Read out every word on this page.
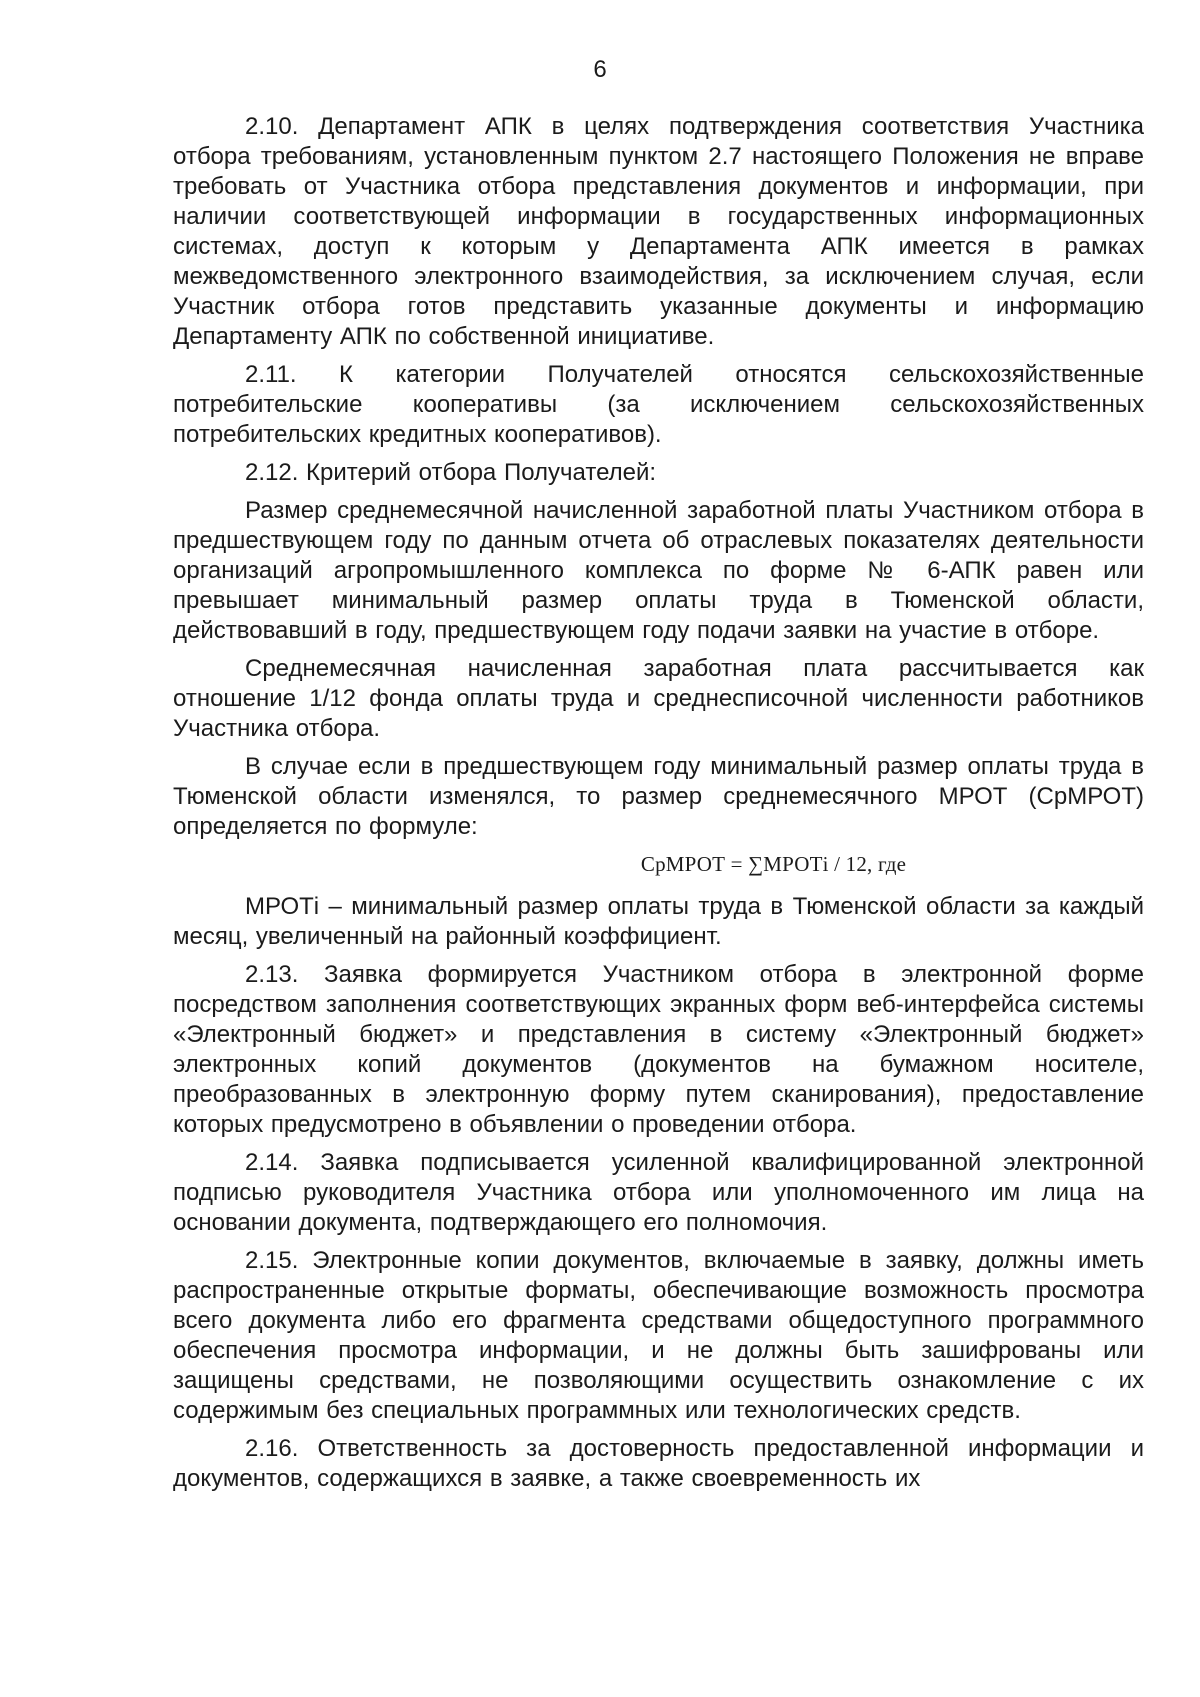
6

2.10. Департамент АПК в целях подтверждения соответствия Участника отбора требованиям, установленным пунктом 2.7 настоящего Положения не вправе требовать от Участника отбора представления документов и информации, при наличии соответствующей информации в государственных информационных системах, доступ к которым у Департамента АПК имеется в рамках межведомственного электронного взаимодействия, за исключением случая, если Участник отбора готов представить указанные документы и информацию Департаменту АПК по собственной инициативе.

2.11. К категории Получателей относятся сельскохозяйственные потребительские кооперативы (за исключением сельскохозяйственных потребительских кредитных кооперативов).

2.12. Критерий отбора Получателей:

Размер среднемесячной начисленной заработной платы Участником отбора в предшествующем году по данным отчета об отраслевых показателях деятельности организаций агропромышленного комплекса по форме № 6-АПК равен или превышает минимальный размер оплаты труда в Тюменской области, действовавший в году, предшествующем году подачи заявки на участие в отборе.

Среднемесячная начисленная заработная плата рассчитывается как отношение 1/12 фонда оплаты труда и среднесписочной численности работников Участника отбора.

В случае если в предшествующем году минимальный размер оплаты труда в Тюменской области изменялся, то размер среднемесячного МРОТ (СрМРОТ) определяется по формуле:

СрМРОТ = ∑МРОТi / 12, где

МРОТi – минимальный размер оплаты труда в Тюменской области за каждый месяц, увеличенный на районный коэффициент.

2.13. Заявка формируется Участником отбора в электронной форме посредством заполнения соответствующих экранных форм веб-интерфейса системы «Электронный бюджет» и представления в систему «Электронный бюджет» электронных копий документов (документов на бумажном носителе, преобразованных в электронную форму путем сканирования), предоставление которых предусмотрено в объявлении о проведении отбора.

2.14. Заявка подписывается усиленной квалифицированной электронной подписью руководителя Участника отбора или уполномоченного им лица на основании документа, подтверждающего его полномочия.

2.15. Электронные копии документов, включаемые в заявку, должны иметь распространенные открытые форматы, обеспечивающие возможность просмотра всего документа либо его фрагмента средствами общедоступного программного обеспечения просмотра информации, и не должны быть зашифрованы или защищены средствами, не позволяющими осуществить ознакомление с их содержимым без специальных программных или технологических средств.

2.16. Ответственность за достоверность предоставленной информации и документов, содержащихся в заявке, а также своевременность их
